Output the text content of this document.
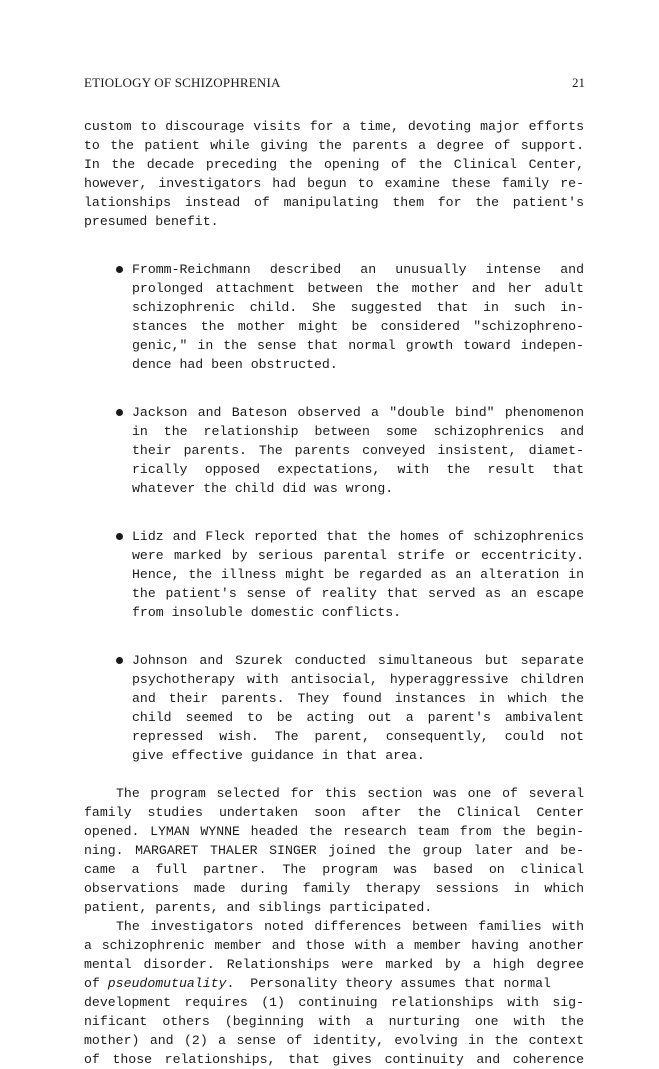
ETIOLOGY OF SCHIZOPHRENIA	21
custom to discourage visits for a time, devoting major efforts
to the patient while giving the parents a degree of support.
In the decade preceding the opening of the Clinical Center,
however, investigators had begun to examine these family re-
lationships instead of manipulating them for the patient's
presumed benefit.
Fromm-Reichmann described an unusually intense and
prolonged attachment between the mother and her adult
schizophrenic child. She suggested that in such in-
stances the mother might be considered "schizophreno-
genic," in the sense that normal growth toward indepen-
dence had been obstructed.
Jackson and Bateson observed a "double bind" phenomenon
in the relationship between some schizophrenics and
their parents. The parents conveyed insistent, diamet-
rically opposed expectations, with the result that
whatever the child did was wrong.
Lidz and Fleck reported that the homes of schizophrenics
were marked by serious parental strife or eccentricity.
Hence, the illness might be regarded as an alteration in
the patient's sense of reality that served as an escape
from insoluble domestic conflicts.
Johnson and Szurek conducted simultaneous but separate
psychotherapy with antisocial, hyperaggressive children
and their parents. They found instances in which the
child seemed to be acting out a parent's ambivalent
repressed wish. The parent, consequently, could not
give effective guidance in that area.
The program selected for this section was one of several
family studies undertaken soon after the Clinical Center
opened. LYMAN WYNNE headed the research team from the begin-
ning. MARGARET THALER SINGER joined the group later and be-
came a full partner. The program was based on clinical
observations made during family therapy sessions in which
patient, parents, and siblings participated.
The investigators noted differences between families with
a schizophrenic member and those with a member having another
mental disorder. Relationships were marked by a high degree
of pseudomutuality.  Personality theory assumes that normal
development requires (1) continuing relationships with sig-
nificant others (beginning with a nurturing one with the
mother) and (2) a sense of identity, evolving in the context
of those relationships, that gives continuity and coherence
